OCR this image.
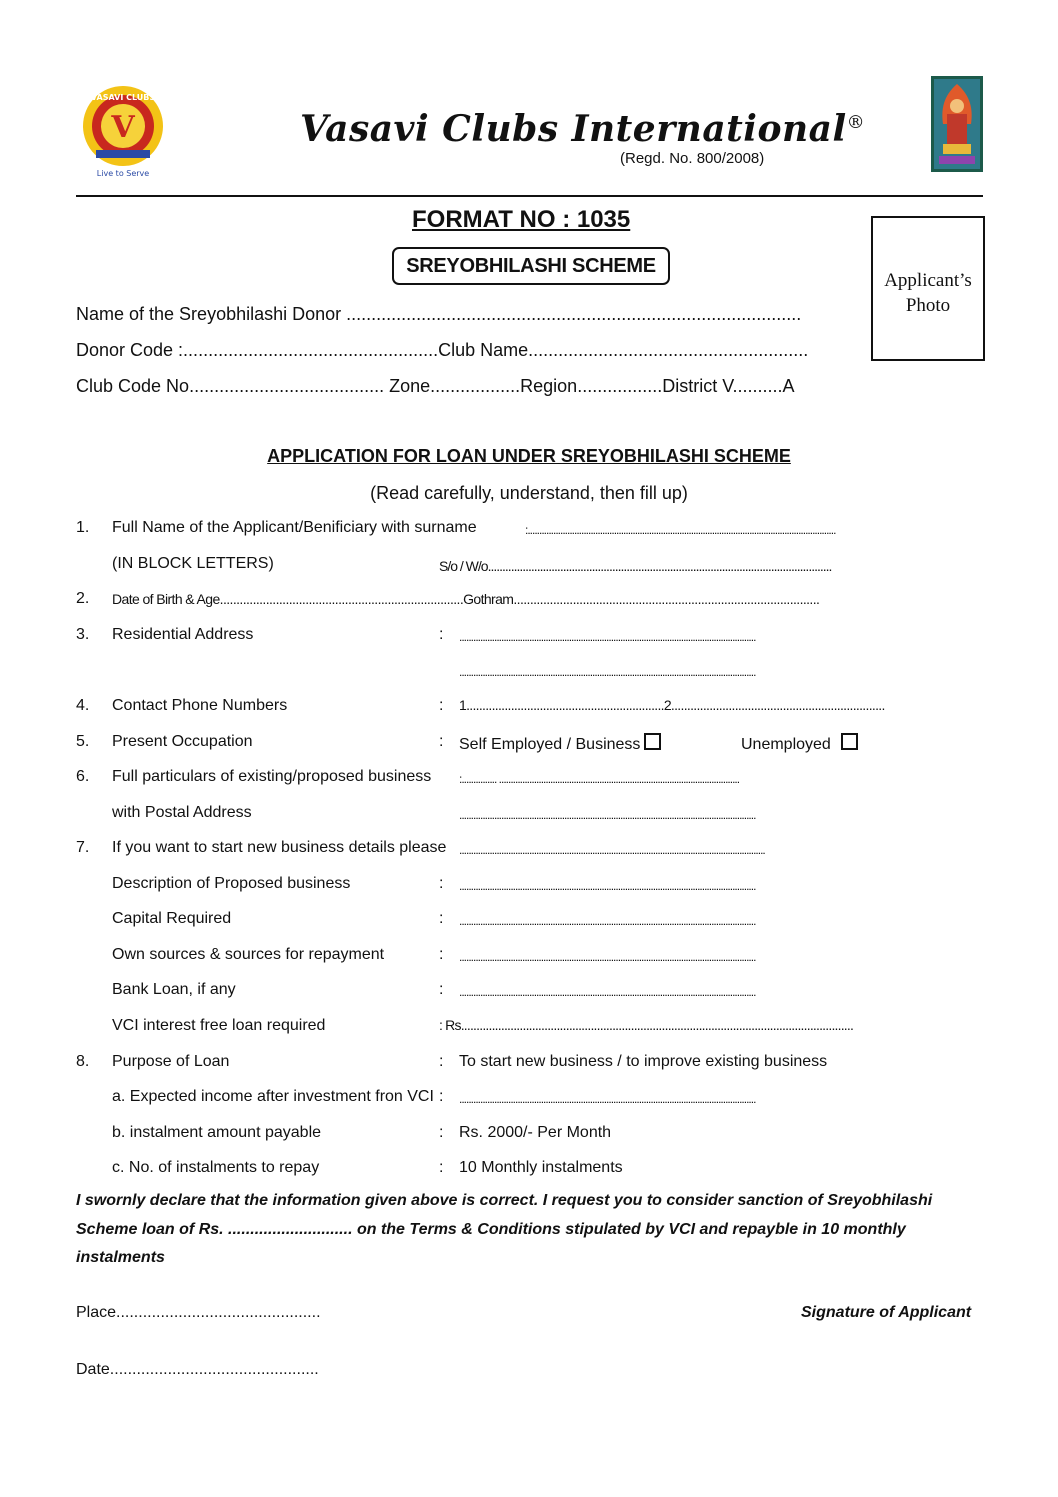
V
VASAVI CLUBS
Live to Serve
Vasavi Clubs International®
(Regd. No. 800/2008)
FORMAT NO : 1035
SREYOBHILASHI SCHEME
Applicant’s
Photo
Name of the Sreyobhilashi Donor ...........................................................................................
Donor Code :...................................................Club Name........................................................
Club Code No....................................... Zone..................Region.................District V..........A
APPLICATION FOR LOAN UNDER SREYOBHILASHI SCHEME
(Read carefully, understand, then fill up)
1. Full Name of the Applicant/Benificiary with surname	:....................................................................................................................................
(IN BLOCK LETTERS)	S/o / W/o.......................................................................................................................
2. Date of Birth & Age..........................................................................Gothram.............................................................................................
3. Residential Address	: ...............................................................................................................................
...............................................................................................................................
4. Contact Phone Numbers	: 1..............................................................2...................................................................
5. Present Occupation	: Self Employed / Business	Unemployed
6. Full particulars of existing/proposed business :............... .......................................................................................................
with Postal Address	...............................................................................................................................
7. If you want to start new business details please ...................................................................................................................................
Description of Proposed business	: ...............................................................................................................................
Capital Required	: ...............................................................................................................................
Own sources & sources for repayment	: ...............................................................................................................................
Bank Loan, if any	: ...............................................................................................................................
VCI interest free loan required	: Rs...............................................................................................................................
8. Purpose of Loan	: To start new business / to improve existing business
a. Expected income after investment fron VCI : ...............................................................................................................................
b. instalment amount payable	: Rs. 2000/- Per Month
c. No. of instalments to repay	: 10 Monthly instalments
I swornly declare that the information given above is correct. I request you to consider sanction of Sreyobhilashi Scheme loan of Rs. ............................ on the Terms & Conditions stipulated by VCI and repayble in 10 monthly instalments
Place..............................................	Signature of Applicant
Date...............................................
